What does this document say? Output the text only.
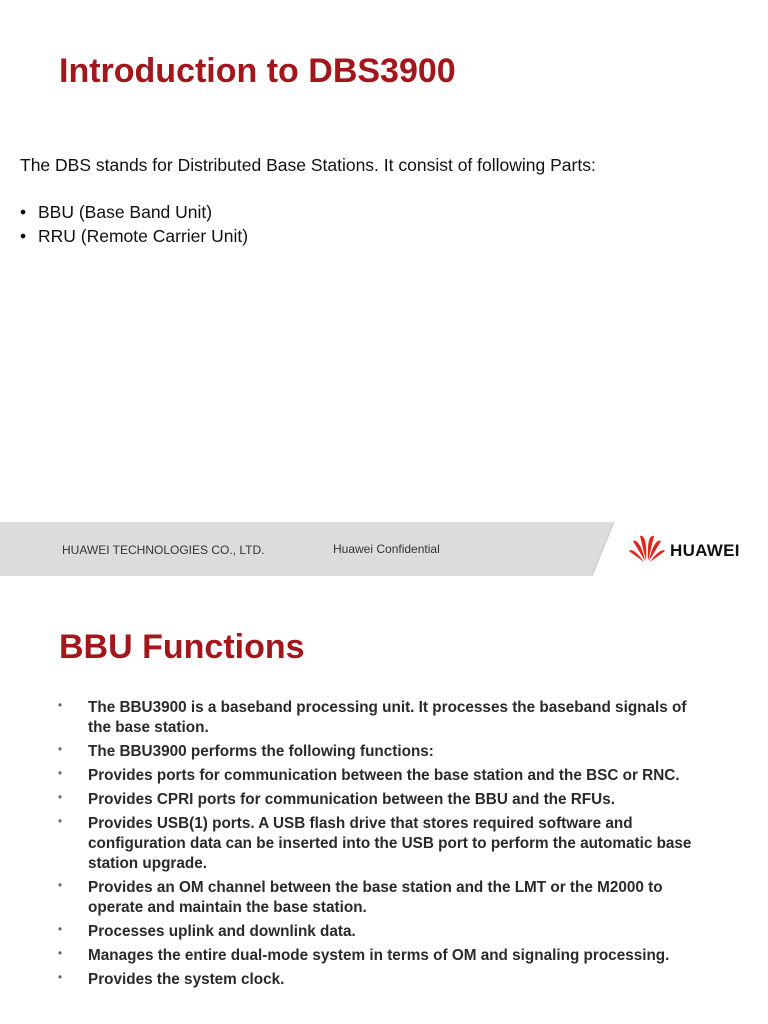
Introduction to DBS3900

The DBS stands for Distributed Base Stations. It consist of following Parts:

• BBU (Base Band Unit)
• RRU (Remote Carrier Unit)
HUAWEI TECHNOLOGIES CO., LTD.	Huawei Confidential	HUAWEI
BBU Functions
• The BBU3900 is a baseband processing unit. It processes the baseband signals of the base station.
• The BBU3900 performs the following functions:
• Provides ports for communication between the base station and the BSC or RNC.
• Provides CPRI ports for communication between the BBU and the RFUs.
• Provides USB(1) ports. A USB flash drive that stores required software and configuration data can be inserted into the USB port to perform the automatic base station upgrade.
• Provides an OM channel between the base station and the LMT or the M2000 to operate and maintain the base station.
• Processes uplink and downlink data.
• Manages the entire dual-mode system in terms of OM and signaling processing.
• Provides the system clock.
